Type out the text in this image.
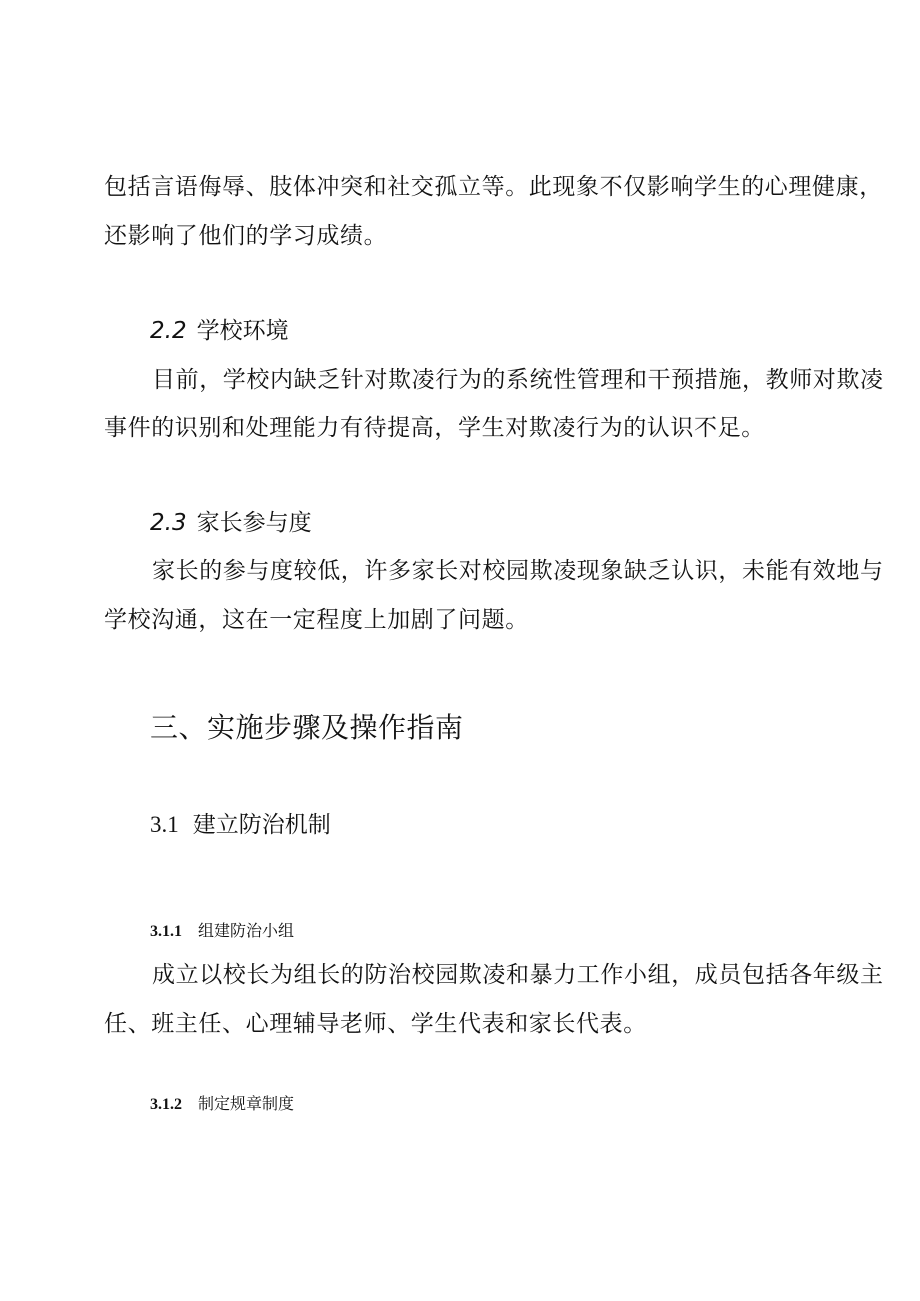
包括言语侮辱、肢体冲突和社交孤立等。此现象不仅影响学生的心理健康，
还影响了他们的学习成绩。
2.2 学校环境
目前，学校内缺乏针对欺凌行为的系统性管理和干预措施，教师对欺凌
事件的识别和处理能力有待提高，学生对欺凌行为的认识不足。
2.3 家长参与度
家长的参与度较低，许多家长对校园欺凌现象缺乏认识，未能有效地与
学校沟通，这在一定程度上加剧了问题。
三、实施步骤及操作指南
3.1 建立防治机制
3.1.1 组建防治小组
成立以校长为组长的防治校园欺凌和暴力工作小组，成员包括各年级主
任、班主任、心理辅导老师、学生代表和家长代表。
3.1.2 制定规章制度
